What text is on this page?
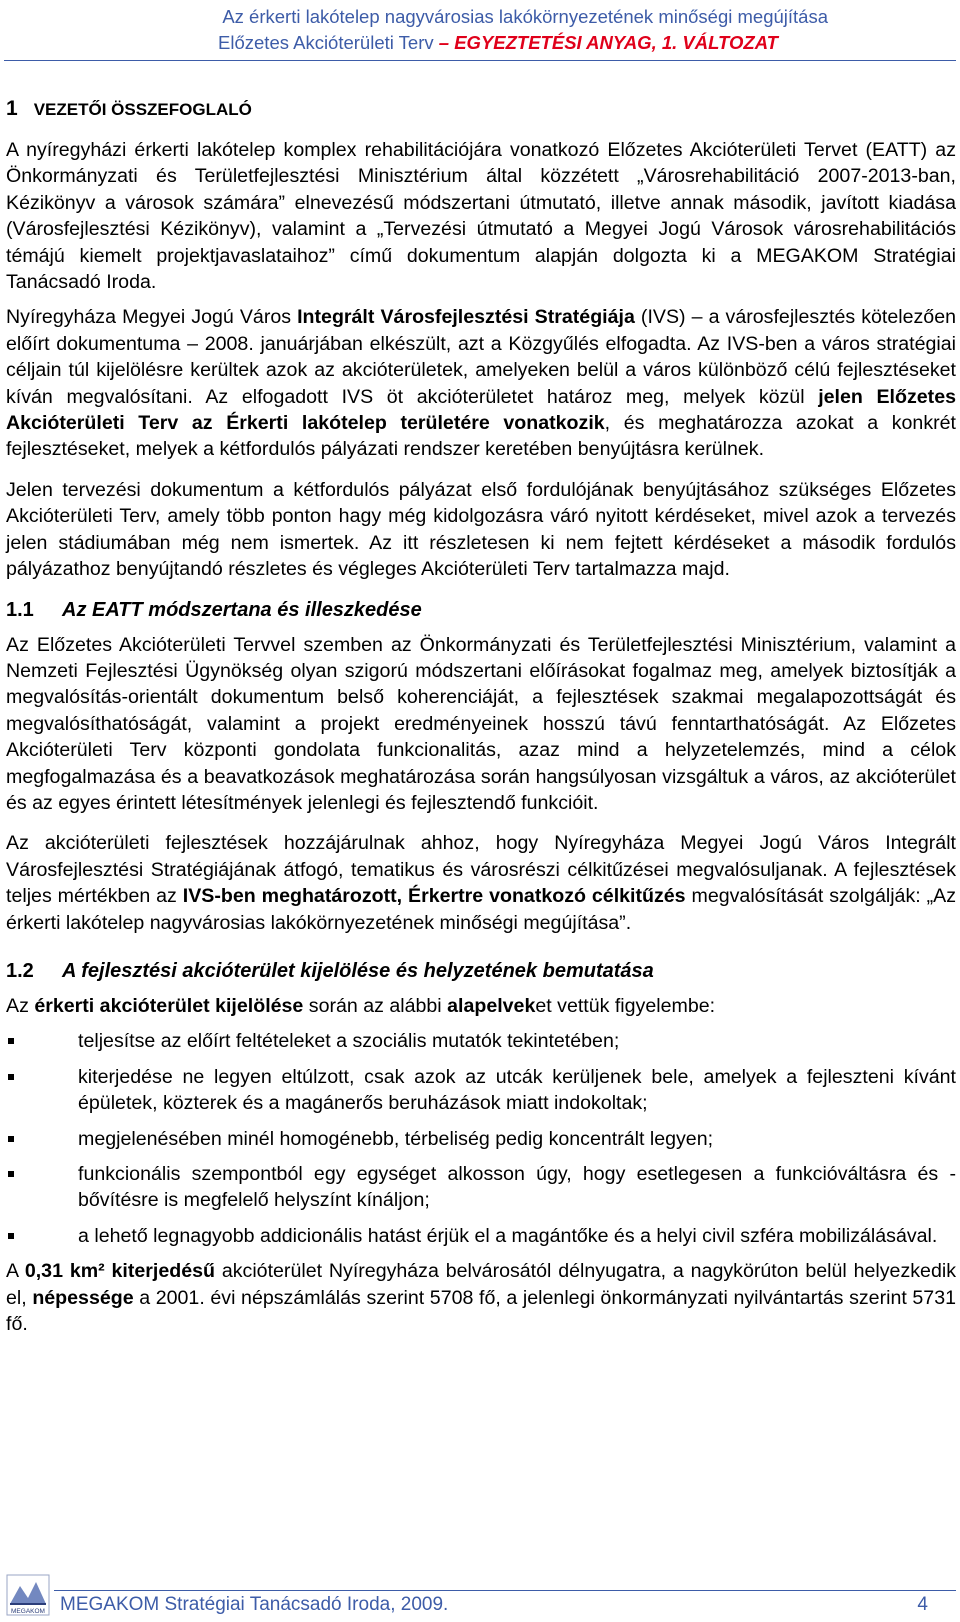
Az érkerti lakótelep nagyvárosias lakókörnyezetének minőségi megújítása
Előzetes Akcióterületi Terv – EGYEZTETÉSI ANYAG, 1. VÁLTOZAT
1 VEZETŐI ÖSSZEFOGLALÓ

A nyíregyházi érkerti lakótelep komplex rehabilitációjára vonatkozó Előzetes Akcióterületi Tervet (EATT) az Önkormányzati és Területfejlesztési Minisztérium által közzétett „Városrehabilitáció 2007-2013-ban, Kézikönyv a városok számára” elnevezésű módszertani útmutató, illetve annak második, javított kiadása (Városfejlesztési Kézikönyv), valamint a „Tervezési útmutató a Megyei Jogú Városok városrehabilitációs témájú kiemelt projektjavaslataihoz” című dokumentum alapján dolgozta ki a MEGAKOM Stratégiai Tanácsadó Iroda.

Nyíregyháza Megyei Jogú Város Integrált Városfejlesztési Stratégiája (IVS) – a városfejlesztés kötelezően előírt dokumentuma – 2008. januárjában elkészült, azt a Közgyűlés elfogadta. Az IVS-ben a város stratégiai céljain túl kijelölésre kerültek azok az akcióterületek, amelyeken belül a város különböző célú fejlesztéseket kíván megvalósítani. Az elfogadott IVS öt akcióterületet határoz meg, melyek közül jelen Előzetes Akcióterületi Terv az Érkerti lakótelep területére vonatkozik, és meghatározza azokat a konkrét fejlesztéseket, melyek a kétfordulós pályázati rendszer keretében benyújtásra kerülnek.

Jelen tervezési dokumentum a kétfordulós pályázat első fordulójának benyújtásához szükséges Előzetes Akcióterületi Terv, amely több ponton hagy még kidolgozásra váró nyitott kérdéseket, mivel azok a tervezés jelen stádiumában még nem ismertek. Az itt részletesen ki nem fejtett kérdéseket a második fordulós pályázathoz benyújtandó részletes és végleges Akcióterületi Terv tartalmazza majd.

1.1 Az EATT módszertana és illeszkedése

Az Előzetes Akcióterületi Tervvel szemben az Önkormányzati és Területfejlesztési Minisztérium, valamint a Nemzeti Fejlesztési Ügynökség olyan szigorú módszertani előírásokat fogalmaz meg, amelyek biztosítják a megvalósítás-orientált dokumentum belső koherenciáját, a fejlesztések szakmai megalapozottságát és megvalósíthatóságát, valamint a projekt eredményeinek hosszú távú fenntarthatóságát. Az Előzetes Akcióterületi Terv központi gondolata funkcionalitás, azaz mind a helyzetelemzés, mind a célok megfogalmazása és a beavatkozások meghatározása során hangsúlyosan vizsgáltuk a város, az akcióterület és az egyes érintett létesítmények jelenlegi és fejlesztendő funkcióit.

Az akcióterületi fejlesztések hozzájárulnak ahhoz, hogy Nyíregyháza Megyei Jogú Város Integrált Városfejlesztési Stratégiájának átfogó, tematikus és városrészi célkitűzései megvalósuljanak. A fejlesztések teljes mértékben az IVS-ben meghatározott, Érkertre vonatkozó célkitűzés megvalósítását szolgálják: „Az érkerti lakótelep nagyvárosias lakókörnyezetének minőségi megújítása”.

1.2 A fejlesztési akcióterület kijelölése és helyzetének bemutatása

Az érkerti akcióterület kijelölése során az alábbi alapelveket vettük figyelembe:

teljesítse az előírt feltételeket a szociális mutatók tekintetében;
kiterjedése ne legyen eltúlzott, csak azok az utcák kerüljenek bele, amelyek a fejleszteni kívánt épületek, közterek és a magánerős beruházások miatt indokoltak;
megjelenésében minél homogénebb, térbeliség pedig koncentrált legyen;
funkcionális szempontból egy egységet alkosson úgy, hogy esetlegesen a funkcióváltásra és -bővítésre is megfelelő helyszínt kínáljon;
a lehető legnagyobb addicionális hatást érjük el a magántőke és a helyi civil szféra mobilizálásával.

A 0,31 km² kiterjedésű akcióterület Nyíregyháza belvárosától délnyugatra, a nagykörúton belül helyezkedik el, népessége a 2001. évi népszámlálás szerint 5708 fő, a jelenlegi önkormányzati nyilvántartás szerint 5731 fő.

MEGAKOM MEGAKOM Stratégiai Tanácsadó Iroda, 2009.	4
